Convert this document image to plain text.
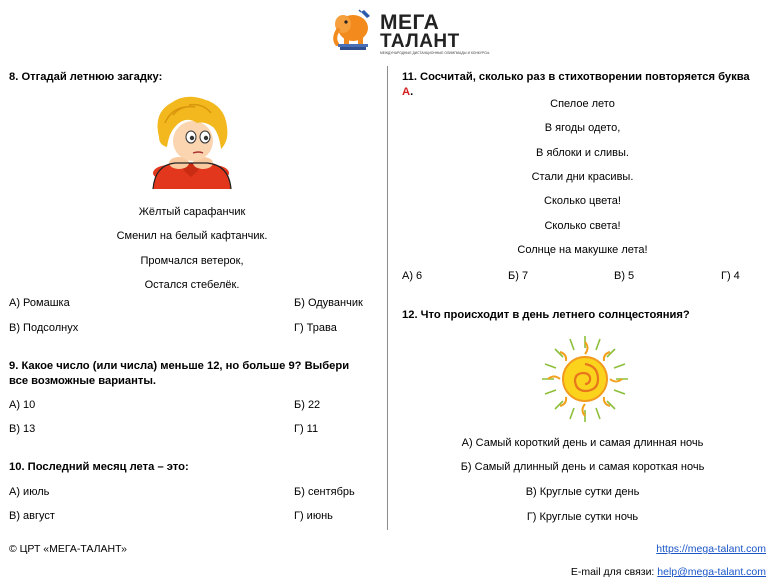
МЕГА
ТАЛАНТ
МЕЖДУНАРОДНЫЕ ДИСТАНЦИОННЫЕ ОЛИМПИАДЫ И КОНКУРСЫ
8. Отгадай летнюю загадку:
Жёлтый сарафанчик
Сменил на белый кафтанчик.
Промчался ветерок,
Остался стебелёк.
А) Ромашка	Б) Одуванчик
В) Подсолнух	Г) Трава
9. Какое число (или числа) меньше 12, но больше 9? Выбери
все возможные варианты.
А) 10	Б) 22
В) 13	Г) 11
10. Последний месяц лета – это:
А) июль	Б) сентябрь
В) август	Г) июнь
11. Сосчитай, сколько раз в стихотворении повторяется буква
А.
Спелое лето
В ягоды одето,
В яблоки и сливы.
Стали дни красивы.
Сколько цвета!
Сколько света!
Солнце на макушке лета!
А) 6	Б) 7	В) 5	Г) 4
12. Что происходит в день летнего солнцестояния?
А) Самый короткий день и самая длинная ночь
Б) Самый длинный день и самая короткая ночь
В) Круглые сутки день
Г) Круглые сутки ночь
© ЦРТ «МЕГА-ТАЛАНТ»	https://mega-talant.com
E-mail для связи: help@mega-talant.com
